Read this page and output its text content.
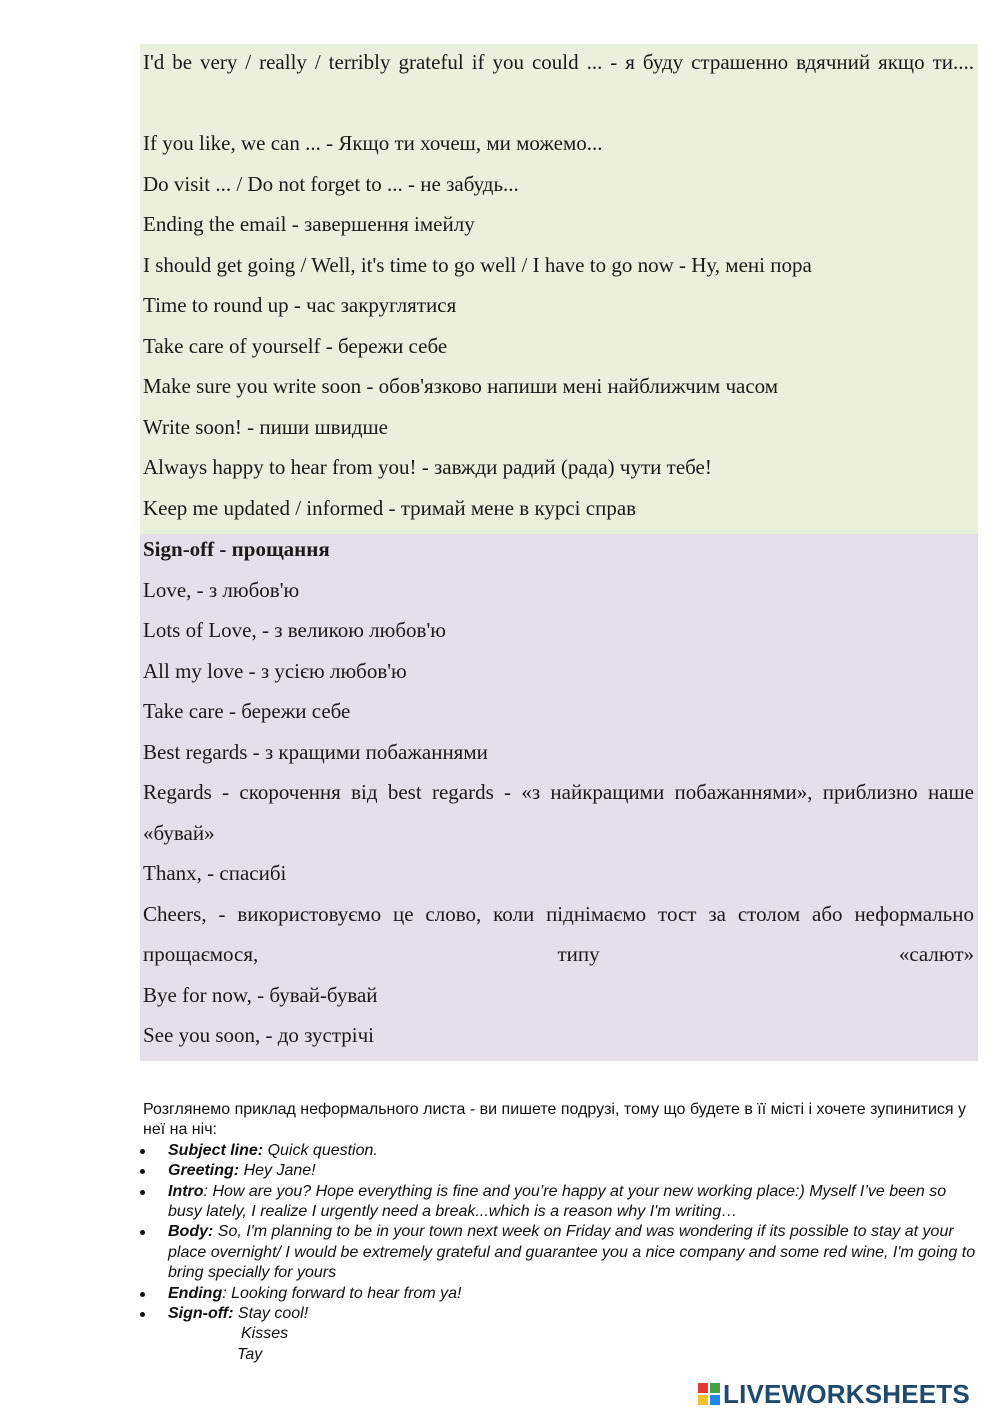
I'd be very / really / terribly grateful if you could ... - я буду страшенно вдячний якщо ти....
If you like, we can ... - Якщо ти хочеш, ми можемо...
Do visit ... / Do not forget to ... - не забудь...
Ending the email - завершення імейлу
I should get going / Well, it's time to go well / I have to go now - Ну, мені пора
Time to round up - час закруглятися
Take care of yourself - бережи себе
Make sure you write soon - обов'язково напиши мені найближчим часом
Write soon! - пиши швидше
Always happy to hear from you! - завжди радий (рада) чути тебе!
Keep me updated / informed - тримай мене в курсі справ
Sign-off - прощання
Love, - з любов'ю
Lots of Love, - з великою любов'ю
All my love - з усією любов'ю
Take care - бережи себе
Best regards - з кращими побажаннями
Regards - скорочення від best regards - «з найкращими побажаннями», приблизно наше «бувай»
Thanx, - спасибі
Cheers, - використовуємо це слово, коли піднімаємо тост за столом або неформально прощаємося, типу «салют»
Bye for now, - бувай-бувай
See you soon, - до зустрічі

Розглянемо приклад неформального листа - ви пишете подрузі, тому що будете в її місті і хочете зупинитися у неї на ніч:

Subject line: Quick question.
Greeting: Hey Jane!
Intro: How are you? Hope everything is fine and you’re happy at your new working place:) Myself I’ve been so busy lately, I realize I urgently need a break...which is a reason why I'm writing…
Body: So, I'm planning to be in your town next week on Friday and was wondering if its possible to stay at your place overnight/ I would be extremely grateful and guarantee you a nice company and some red wine, I'm going to bring specially for yours
Ending: Looking forward to hear from ya!
Sign-off: Stay cool!
Kisses
Tay
LIVEWORKSHEETS
